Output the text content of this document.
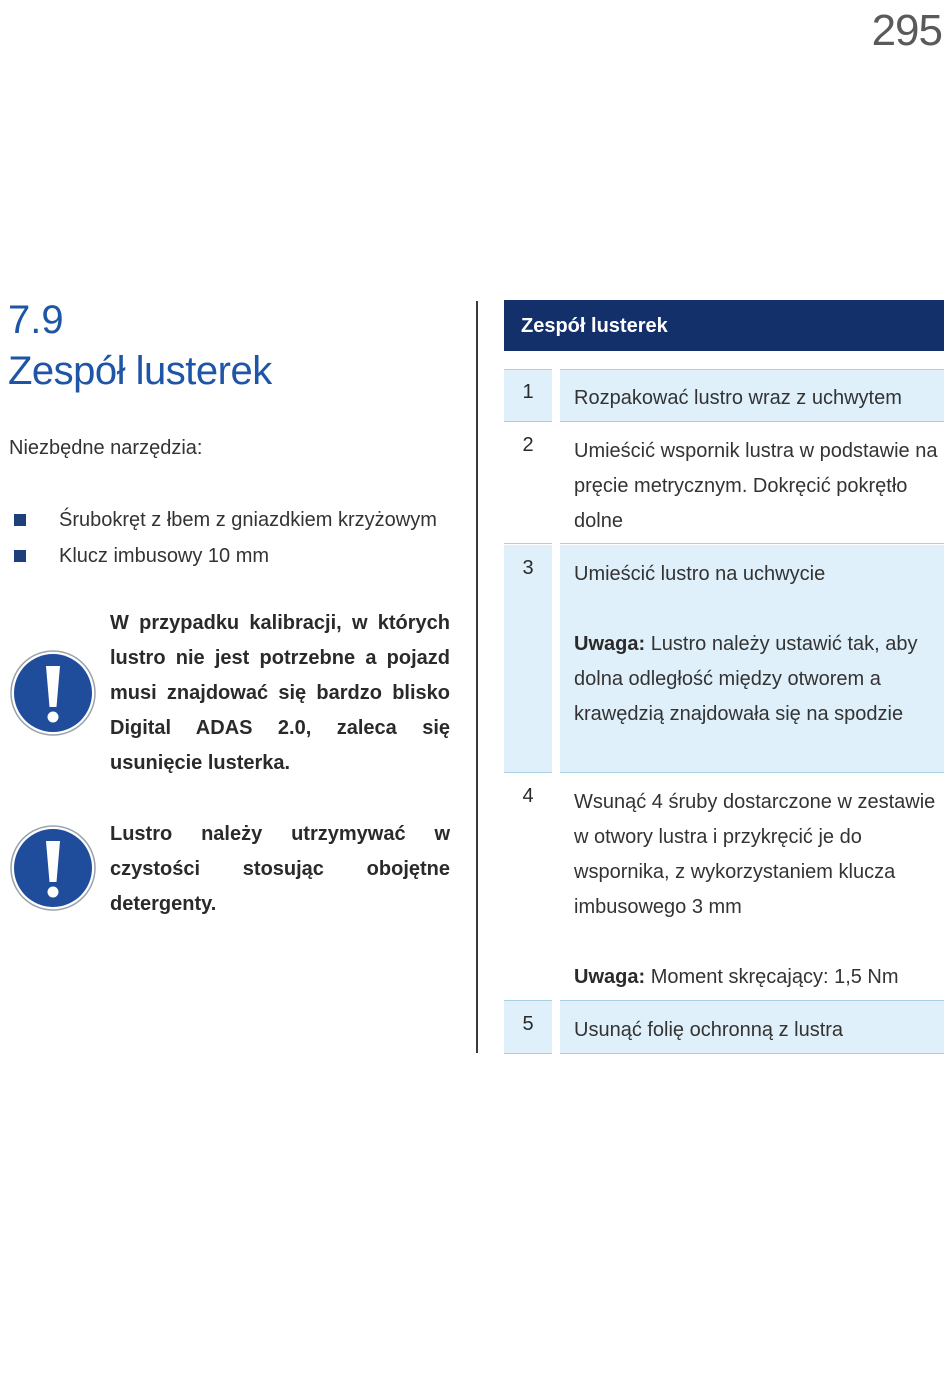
295
7.9
Zespół lusterek
Niezbędne narzędzia:
Śrubokręt z łbem z gniazdkiem krzyżowym
Klucz imbusowy 10 mm
W przypadku kalibracji, w których lustro nie jest potrzebne a pojazd musi znajdować się bardzo blisko Digital ADAS 2.0, zaleca się usunięcie lusterka.
Lustro należy utrzymywać w czystości stosując obojętne detergenty.
Zespół lusterek
1	Rozpakować lustro wraz z uchwytem
2	Umieścić wspornik lustra w podstawie na pręcie metrycznym. Dokręcić pokrętło dolne
3	Umieścić lustro na uchwycie
Uwaga: Lustro należy ustawić tak, aby dolna odległość między otworem a krawędzią znajdowała się na spodzie
4	Wsunąć 4 śruby dostarczone w zestawie w otwory lustra i przykręcić je do wspornika, z wykorzystaniem klucza imbusowego 3 mm
Uwaga: Moment skręcający: 1,5 Nm
5	Usunąć folię ochronną z lustra
